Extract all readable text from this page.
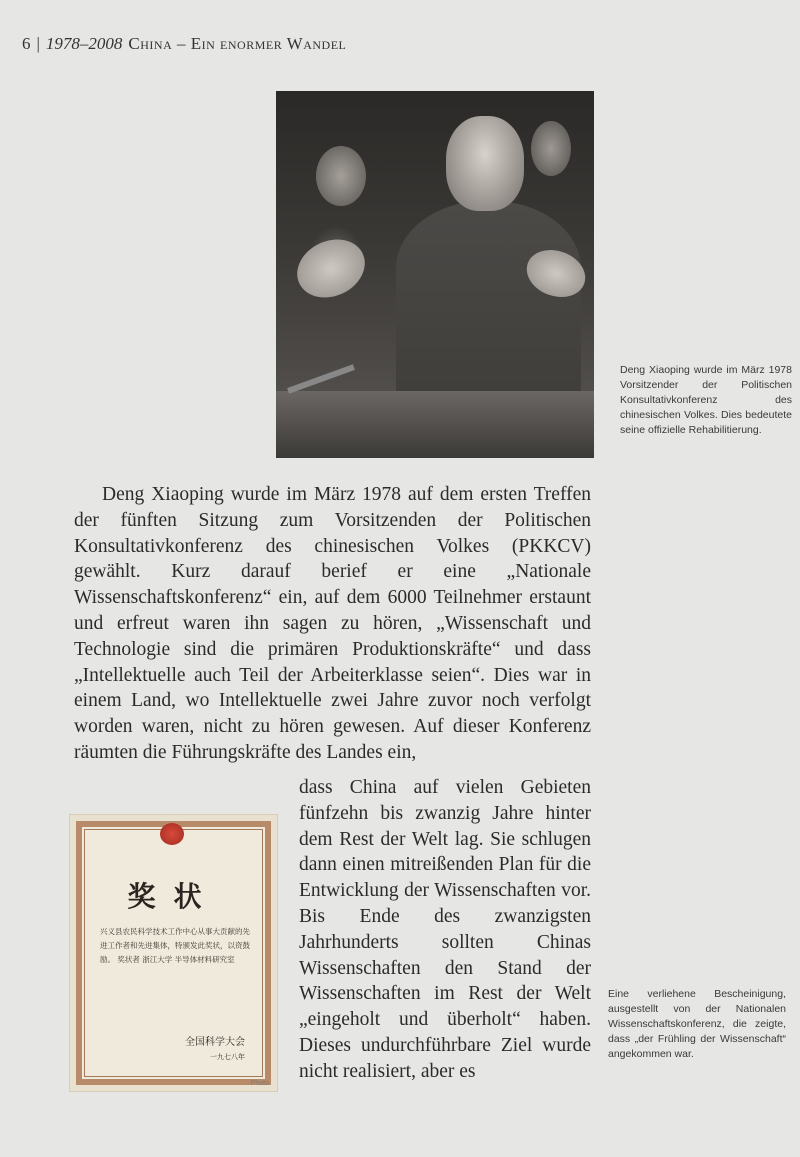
6 | 1978–2008 China – Ein enormer Wandel
Deng Xiaoping wurde im März 1978 Vorsitzender der Politischen Konsultativkonferenz des chinesischen Volkes. Dies bedeutete seine offizielle Rehabilitierung.

Deng Xiaoping wurde im März 1978 auf dem ersten Treffen der fünften Sitzung zum Vorsitzenden der Politischen Konsultativkonferenz des chinesischen Volkes (PKKCV) gewählt. Kurz darauf berief er eine „Nationale Wissenschaftskonferenz“ ein, auf dem 6000 Teilnehmer erstaunt und erfreut waren ihn sagen zu hören, „Wissenschaft und Technologie sind die primären Produktionskräfte“ und dass „Intellektuelle auch Teil der Arbeiterklasse seien“. Dies war in einem Land, wo Intellektuelle zwei Jahre zuvor noch verfolgt worden waren, nicht zu hören gewesen. Auf dieser Konferenz räumten die Führungskräfte des Landes ein,

奖状
兴义县农民科学技术工作中心从事大贡献的先进工作者和先进集体，特颁发此奖状，以资鼓励。 奖状者 浙江大学 半导体材料研究室
全国科学大会
一九七八年
Photo

dass China auf vielen Gebieten fünfzehn bis zwanzig Jahre hinter dem Rest der Welt lag. Sie schlugen dann einen mitreißenden Plan für die Entwicklung der Wissenschaften vor. Bis Ende des zwanzigsten Jahrhunderts sollten Chinas Wissenschaften den Stand der Wissenschaften im Rest der Welt „eingeholt und überholt“ haben. Dieses undurchführbare Ziel wurde nicht realisiert, aber es

Eine verliehene Bescheinigung, ausgestellt von der Nationalen Wissenschaftskonferenz, die zeigte, dass „der Frühling der Wissenschaft“ angekommen war.
